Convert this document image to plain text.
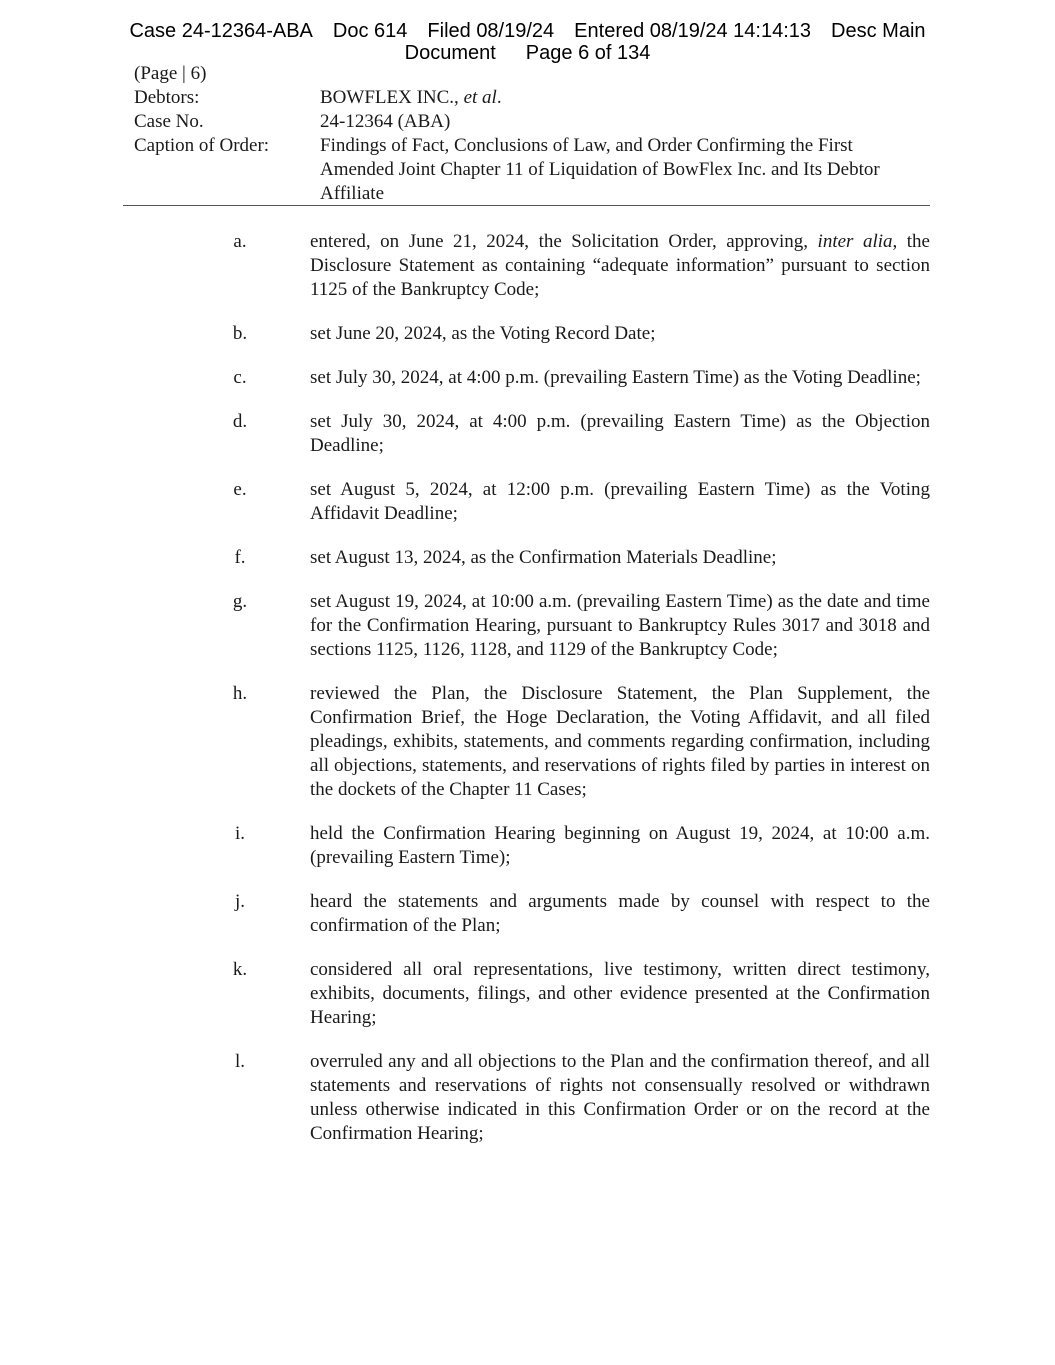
Case 24-12364-ABA Doc 614 Filed 08/19/24 Entered 08/19/24 14:14:13 Desc Main
Document Page 6 of 134
(Page | 6)
Debtors:	BOWFLEX INC., et al.
Case No.	24-12364 (ABA)
Caption of Order:	Findings of Fact, Conclusions of Law, and Order Confirming the First Amended Joint Chapter 11 of Liquidation of BowFlex Inc. and Its Debtor Affiliate
a.	entered, on June 21, 2024, the Solicitation Order, approving, inter alia, the Disclosure Statement as containing “adequate information” pursuant to section 1125 of the Bankruptcy Code;
b.	set June 20, 2024, as the Voting Record Date;
c.	set July 30, 2024, at 4:00 p.m. (prevailing Eastern Time) as the Voting Deadline;
d.	set July 30, 2024, at 4:00 p.m. (prevailing Eastern Time) as the Objection Deadline;
e.	set August 5, 2024, at 12:00 p.m. (prevailing Eastern Time) as the Voting Affidavit Deadline;
f.	set August 13, 2024, as the Confirmation Materials Deadline;
g.	set August 19, 2024, at 10:00 a.m. (prevailing Eastern Time) as the date and time for the Confirmation Hearing, pursuant to Bankruptcy Rules 3017 and 3018 and sections 1125, 1126, 1128, and 1129 of the Bankruptcy Code;
h.	reviewed the Plan, the Disclosure Statement, the Plan Supplement, the Confirmation Brief, the Hoge Declaration, the Voting Affidavit, and all filed pleadings, exhibits, statements, and comments regarding confirmation, including all objections, statements, and reservations of rights filed by parties in interest on the dockets of the Chapter 11 Cases;
i.	held the Confirmation Hearing beginning on August 19, 2024, at 10:00 a.m. (prevailing Eastern Time);
j.	heard the statements and arguments made by counsel with respect to the confirmation of the Plan;
k.	considered all oral representations, live testimony, written direct testimony, exhibits, documents, filings, and other evidence presented at the Confirmation Hearing;
l.	overruled any and all objections to the Plan and the confirmation thereof, and all statements and reservations of rights not consensually resolved or withdrawn unless otherwise indicated in this Confirmation Order or on the record at the Confirmation Hearing;
